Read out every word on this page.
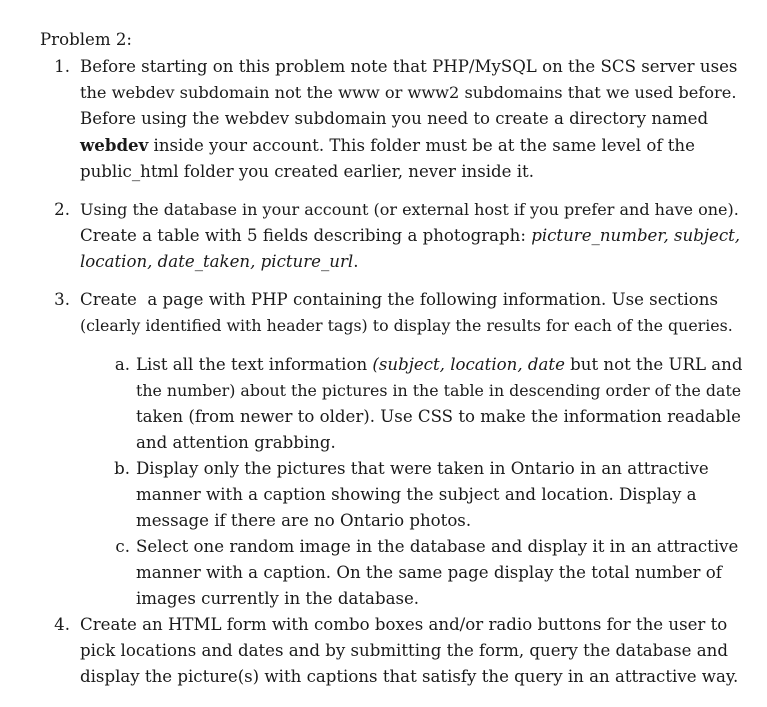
Problem 2:
1. Before starting on this problem note that PHP/MySQL on the SCS server uses
the webdev subdomain not the www or www2 subdomains that we used before.
Before using the webdev subdomain you need to create a directory named
webdev inside your account. This folder must be at the same level of the
public_html folder you created earlier, never inside it.
2. Using the database in your account (or external host if you prefer and have one).
Create a table with 5 fields describing a photograph: picture_number, subject,
location, date_taken, picture_url.
3. Create  a page with PHP containing the following information. Use sections
(clearly identified with header tags) to display the results for each of the queries.
a. List all the text information (subject, location, date but not the URL and
the number) about the pictures in the table in descending order of the date
taken (from newer to older). Use CSS to make the information readable
and attention grabbing.
b. Display only the pictures that were taken in Ontario in an attractive
manner with a caption showing the subject and location. Display a
message if there are no Ontario photos.
c. Select one random image in the database and display it in an attractive
manner with a caption. On the same page display the total number of
images currently in the database.
4. Create an HTML form with combo boxes and/or radio buttons for the user to
pick locations and dates and by submitting the form, query the database and
display the picture(s) with captions that satisfy the query in an attractive way.
